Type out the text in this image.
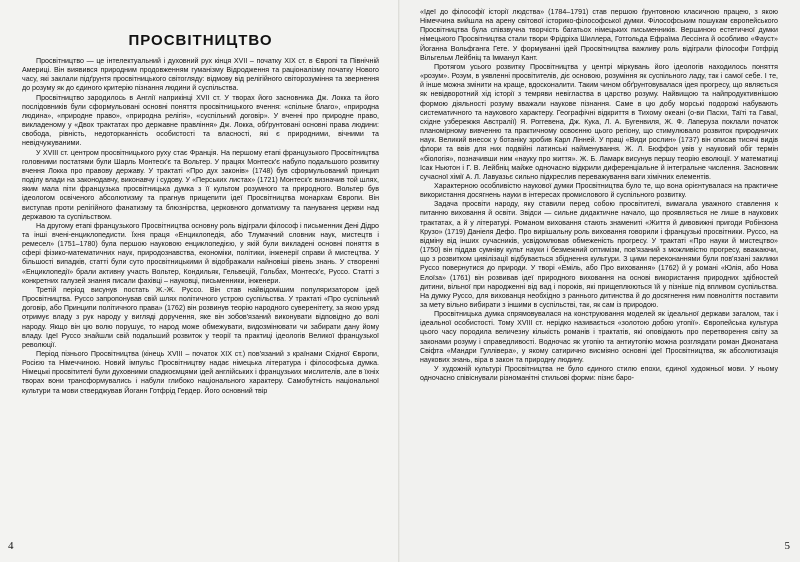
ПРОСВІТНИЦТВО

Просвітництво — це інтелектуальний і духовний рух кінця XVII – початку XIX ст. в Європі та Північній Америці. Він виявився природним продовженням гуманізму Відродження та раціоналізму початку Нового часу, які заклали підґрунтя просвітницького світогляду: відмову від релігійного світорозуміння та звернення до розуму як до єдиного критерію пізнання людини й суспільства.

Просвітництво зародилось в Англії наприкінці XVII ст. У творах його засновника Дж. Локка та його послідовників були сформульовані основні поняття просвітницького вчення: «спільне благо», «природна людина», «природне право», «природна релігія», «суспільний договір». У вченні про природне право, викладеному у «Двох трактатах про державне правління» Дж. Локка, обґрунтовані основні права людини: свобода, рівність, недоторканність особистості та власності, які є природними, вічними та невідчужуваними.

У XVIII ст. центром просвітницького руху стає Франція. На першому етапі французького Просвітництва головними постатями були Шарль Монтеск'є та Вольтер. У працях Монтеск'є набуло подальшого розвитку вчення Локка про правову державу. У трактаті «Про дух законів» (1748) був сформульований принцип поділу влади на законодавчу, виконавчу і судову. У «Перських листах» (1721) Монтеск'є визначив той шлях, яким мала піти французька просвітницька думка з її культом розумного та природного. Вольтер був ідеологом освіченого абсолютизму та прагнув прищепити ідеї Просвітництва монархам Європи. Він виступав проти релігійного фанатизму та блюзнірства, церковного догматизму та панування церкви над державою та суспільством.

На другому етапі французького Просвітництва основну роль відіграли філософ і письменник Дені Дідро та інші вчені-енциклопедисти. Їхня праця «Енциклопедія, або Тлумачний словник наук, мистецтв і ремесел» (1751–1780) була першою науковою енциклопедією, у якій були викладені основні поняття в сфері фізико-математичних наук, природознавства, економіки, політики, інженерії справи й мистецтва. У більшості випадків, статті були суто просвітницькими й відображали найновіші рівень знань. У створенні «Енциклопедії» брали активну участь Вольтер, Кондильяк, Гельвецій, Гольбах, Монтеск'є, Руссо. Статті з конкретних галузей знання писали фахівці – науковці, письменники, інженери.

Третій період висунув постать Ж.-Ж. Руссо. Він став найвідомішим популяризатором ідей Просвітництва. Руссо запропонував свій шлях політичного устрою суспільства. У трактаті «Про суспільний договір, або Принципи політичного права» (1762) він розвинув теорію народного суверенітету, за якою уряд отримує владу з рук народу у вигляді доручення, яке він зобов'язаний виконувати відповідно до волі народу. Якщо він цю волю порушує, то народ може обмежувати, видозмінювати чи забирати дану йому владу. Ідеї Руссо знайшли свій подальший розвиток у теорії та практиці ідеологів Великої французької революції.

Період пізнього Просвітництва (кінець XVIII – початок XIX ст.) пов'язаний з країнами Східної Європи, Росією та Німеччиною. Новий імпульс Просвітництву надає німецька література і філософська думка. Німецькі просвітителі були духовними спадкоємцями ідей англійських і французьких мислителів, але в їхніх творах вони трансформувались і набули глибоко національного характеру. Самобутність національної культури та мови стверджував Йоганн Готфрід Гердер. Його основний твір

4

«Ідеї до філософії історії людства» (1784–1791) став першою ґрунтовною класичною працею, з якою Німеччина вийшла на арену світової історико-філософської думки. Філософським пошукам європейського Просвітництва була співзвучна творчість багатьох німецьких письменників. Вершиною естетичної думки німецького Просвітництва стали твори Фрідріха Шиллера, Готгольда Ефраїма Лессінга й особливо «Фауст» Йоганна Вольфганга Гете. У формуванні ідей Просвітництва важливу роль відіграли філософи Готфрід Вільгельм Лейбніц та Імманул Кант.

Протягом усього розвитку Просвітництва у центрі міркувань його ідеологів находилось поняття «розум». Розум, в уявленні просвітителів, діє основою, розуміння як суспільного ладу, так і самої себе. І те, й інше можна змінити на краще, вдосконалити. Таким чином обґрунтовувалася ідея прогресу, що являється як невідворотний хід історії з темряви невігластва в царство розуму. Найвищою та найпродуктивнішою формою діяльності розуму вважали наукове пізнання. Саме в цю добу морські подорожі набувають систематичного та наукового характеру. Географічні відкриття в Тихому океані (о-ви Пасхи, Таїті та Гаваї, східне узбережжя Австралії) Я. Роггевена, Дж. Кука, Л. А. Бугенвиля, Ж. Ф. Лаперуза поклали початок планомірному вивченню та практичному освоєнню цього регіону, що стимулювало розвиток природничих наук. Великий внесок у ботаніку зробив Карл Лінней. У праці «Види рослин» (1737) він описав тисячі видів флори та ввів для них подвійні латинські найменування. Ж. Л. Бюффон увів у науковий обіг термін «біологія», позначивши ним «науку про життя». Ж. Б. Ламарк висунув першу теорію еволюції. У математиці Ісак Ньютон і Г. В. Лейбніц майже одночасно відкрили диференціальне й інтегральне числення. Засновник сучасної хімії А. Л. Лавуазьє сильно підкреслив переважування ваги хімічних елементів.

Характерною особливістю наукової думки Просвітництва було те, що вона орієнтувалася на практичне використання досягнень науки в інтересах промислового й суспільного розвитку.

Задача просвіти народу, яку ставили перед собою просвітителі, вимагала уважного ставлення к питанню виховання й освіти. Звідси — сильне дидактичне начало, що проявляється не лише в наукових трактатах, а й у літературі. Романом виховання стають знамениті «Життя й дивовижні пригоди Робінзона Крузо» (1719) Даніеля Дефо. Про вирішальну роль виховання говорили і французькі просвітники. Руссо, на відміну від інших сучасників, усвідомлював обмеженість прогресу. У трактаті «Про науки й мистецтво» (1750) він піддав сумніву культ науки і безмежний оптимізм, пов'язаний з можливістю прогресу, вважаючи, що з розвитком цивілізації відбувається збіднення культури. З цими переконаннями були пов'язані заклики Руссо повернутися до природи. У творі «Еміль, або Про виховання» (1762) й у романі «Юлія, або Нова Елоїза» (1761) він розвивав ідеї природного виховання на основі використання природних здібностей дитини, вільної при народженні від вад і пороків, які прищеплюються їй у пізніше під впливом суспільства. На думку Руссо, для вихованця необхідно з раннього дитинства й до досягнення ним повноліття поставити за мету вільно вибирати з іншими в суспільстві, так, як сам із природою.

Просвітницька думка спрямовувалася на конструювання моделей як ідеальної держави загалом, так і ідеальної особистості. Тому XVIII ст. нерідко називається «золотою добою утопії». Європейська культура цього часу породила величезну кількість романів і трактатів, які оповідають про перетворення світу за законами розуму і справедливості. Водночас як утопію та антиутопію можна розглядати роман Джонатана Свіфта «Мандри Гуллівера», у якому сатирично висміяно основні ідеї Просвітництва, як абсолютизація наукових знань, віра в закон та природну людину.

У художній культурі Просвітництва не було єдиного стилю епохи, єдиної художньої мови. У ньому одночасно співіснували різноманітні стильові форми: пізнє баро-

5
